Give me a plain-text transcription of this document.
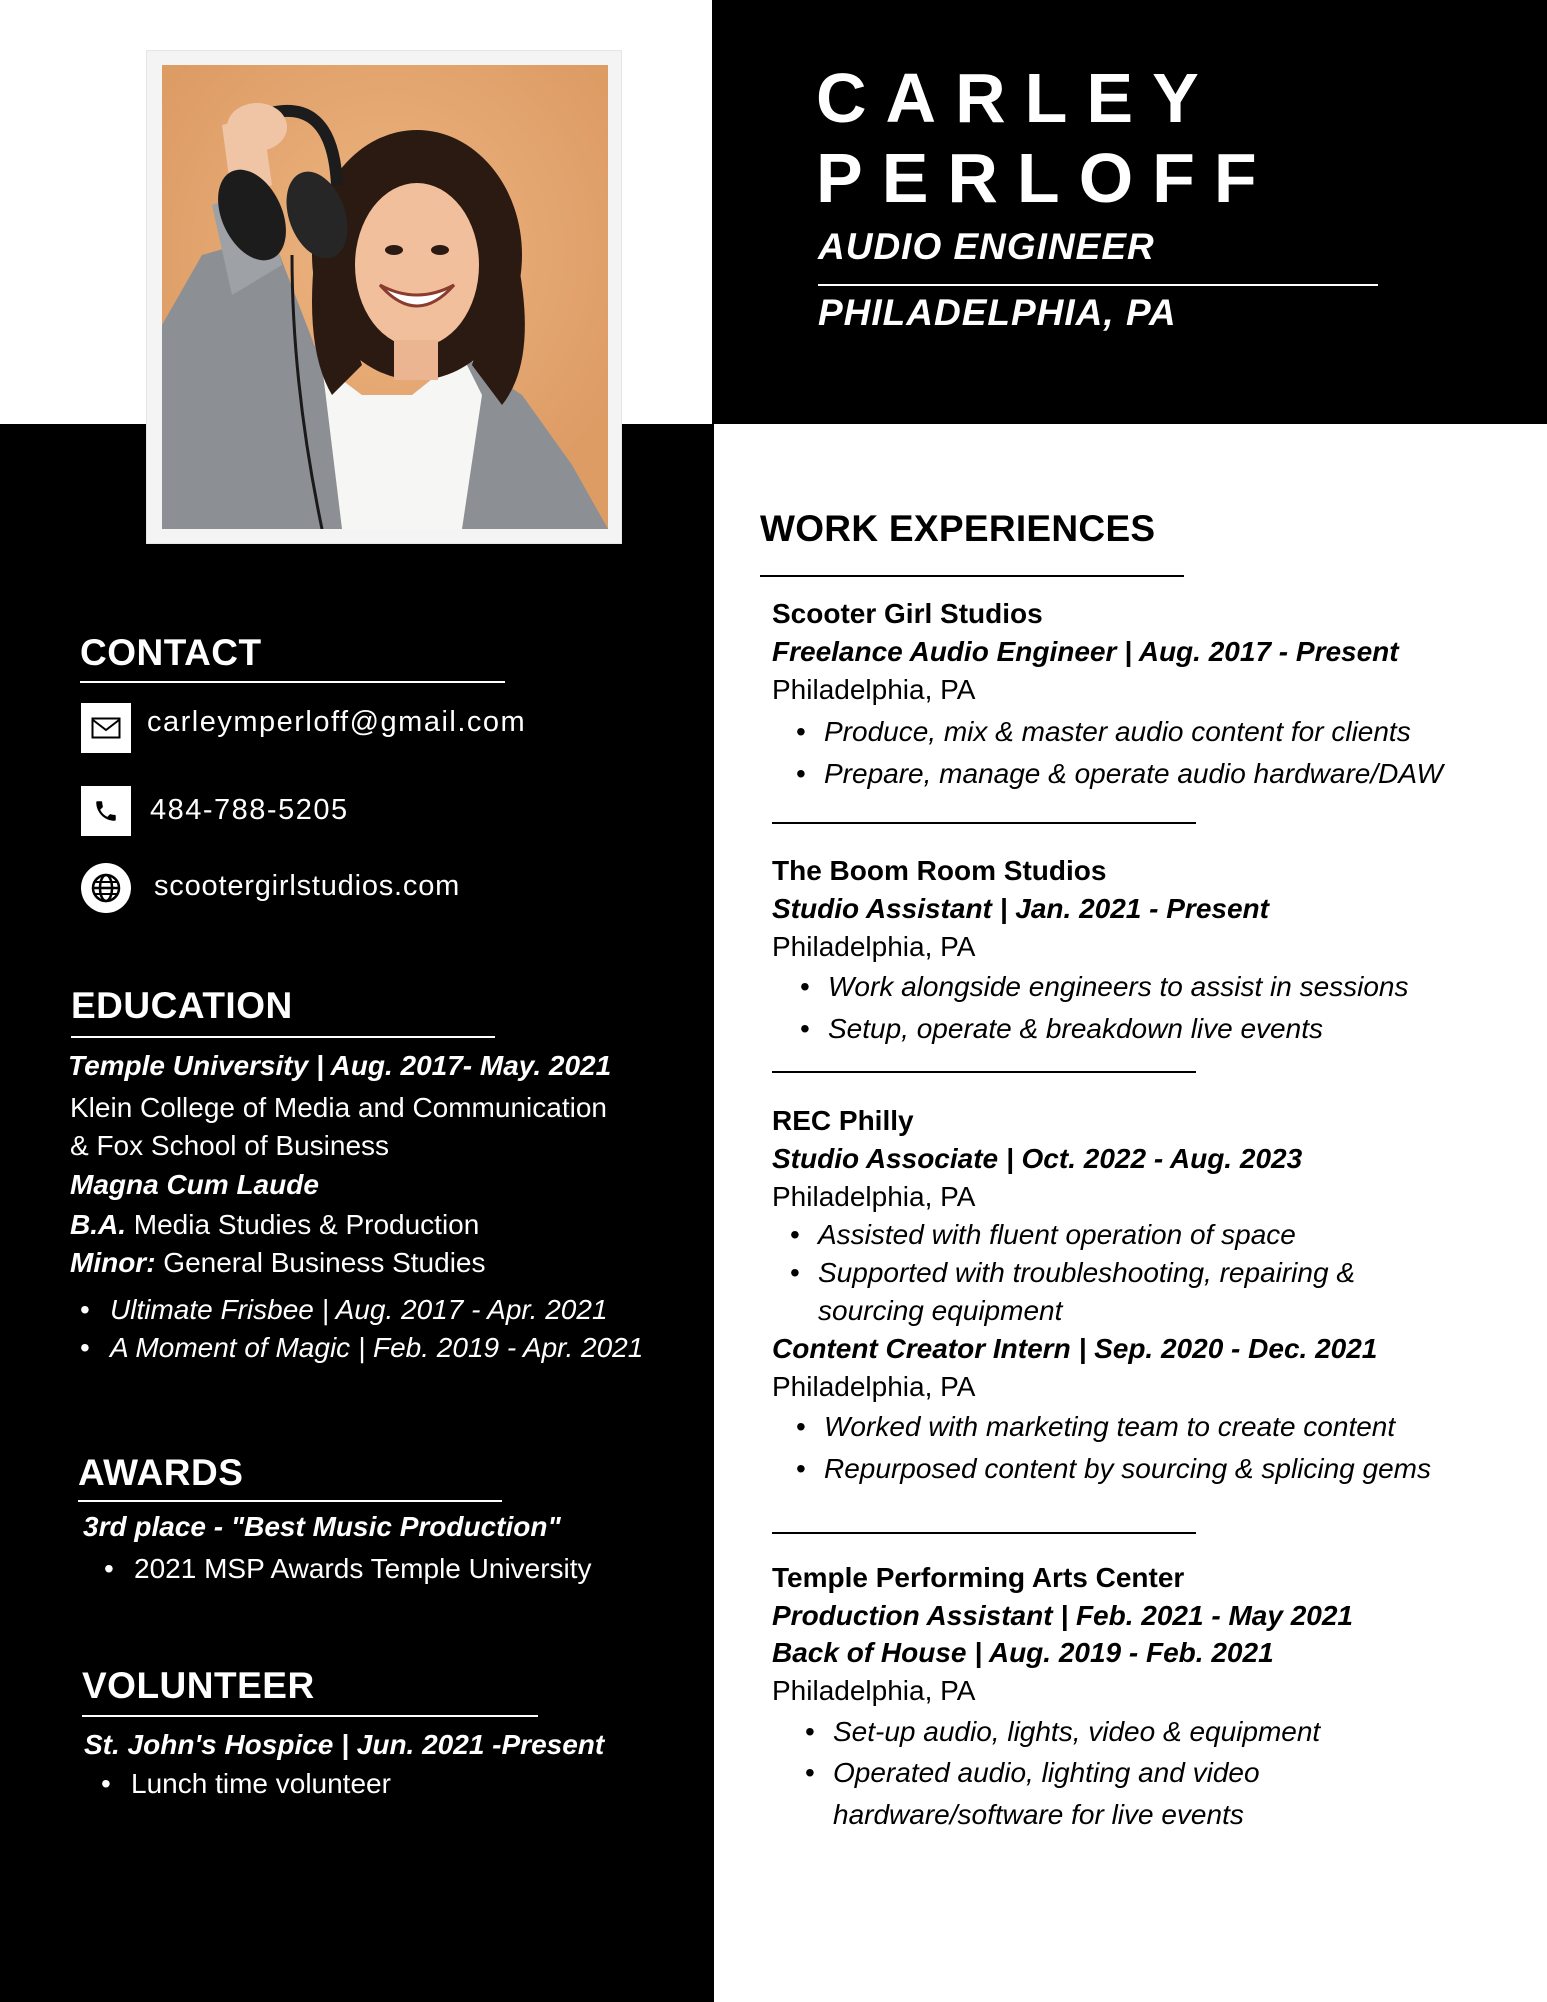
CARLEY
PERLOFF
AUDIO ENGINEER
PHILADELPHIA, PA
CONTACT
carleymperloff@gmail.com
484-788-5205
scootergirlstudios.com
EDUCATION
Temple University | Aug. 2017- May. 2021
Klein College of Media and Communication
& Fox School of Business
Magna Cum Laude
B.A. Media Studies & Production
Minor: General Business Studies
• Ultimate Frisbee | Aug. 2017 - Apr. 2021
• A Moment of Magic | Feb. 2019 - Apr. 2021
AWARDS
3rd place - "Best Music Production"
• 2021 MSP Awards Temple University
VOLUNTEER
St. John's Hospice | Jun. 2021 -Present
• Lunch time volunteer
WORK EXPERIENCES
Scooter Girl Studios
Freelance Audio Engineer | Aug. 2017 - Present
Philadelphia, PA
• Produce, mix & master audio content for clients
• Prepare, manage & operate audio hardware/DAW
The Boom Room Studios
Studio Assistant | Jan. 2021 - Present
Philadelphia, PA
• Work alongside engineers to assist in sessions
• Setup, operate & breakdown live events
REC Philly
Studio Associate | Oct. 2022 - Aug. 2023
Philadelphia, PA
• Assisted with fluent operation of space
• Supported with troubleshooting, repairing &
sourcing equipment
Content Creator Intern | Sep. 2020 - Dec. 2021
Philadelphia, PA
• Worked with marketing team to create content
• Repurposed content by sourcing & splicing gems
Temple Performing Arts Center
Production Assistant | Feb. 2021 - May 2021
Back of House | Aug. 2019 - Feb. 2021
Philadelphia, PA
• Set-up audio, lights, video & equipment
• Operated audio, lighting and video
hardware/software for live events
